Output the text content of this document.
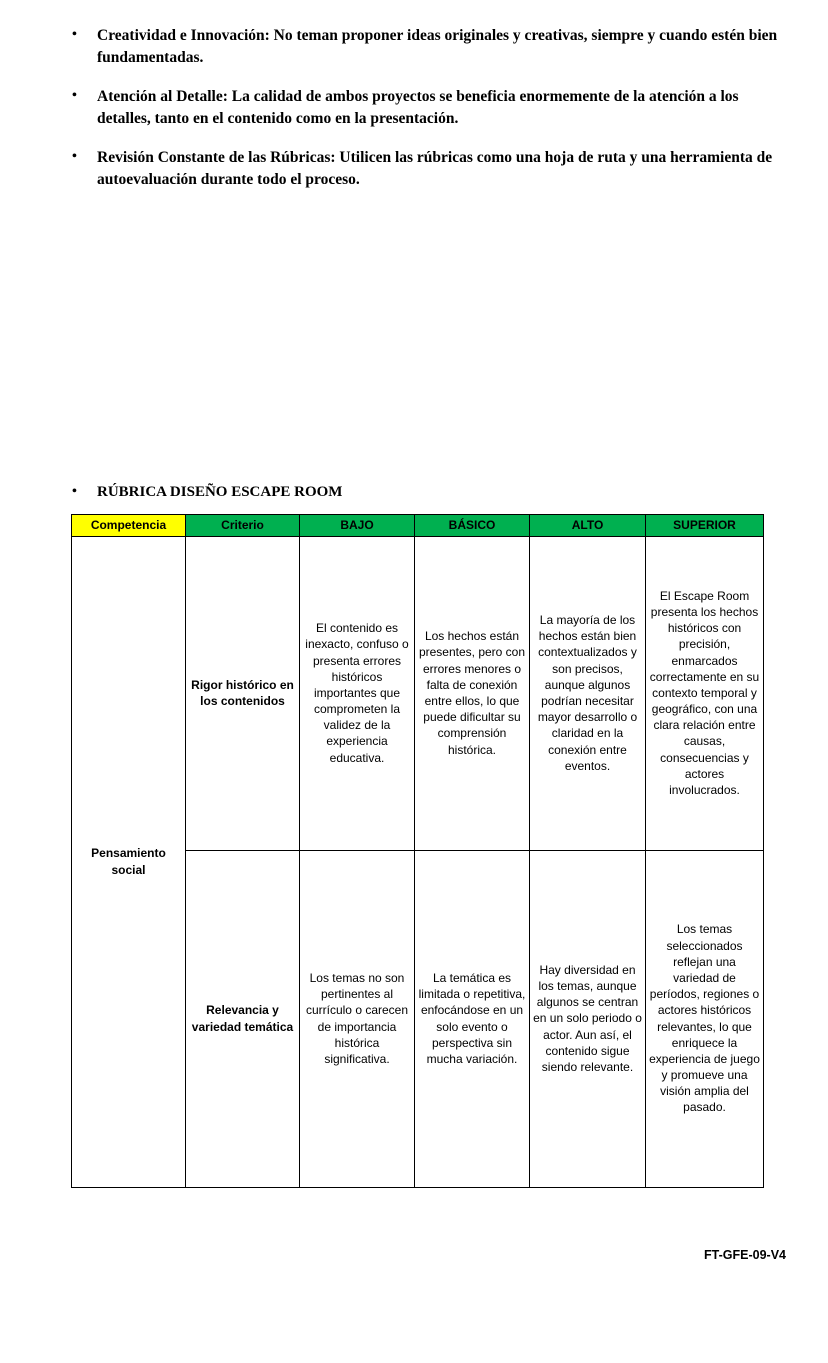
•
Creatividad e Innovación: No teman proponer ideas originales y creativas, siempre y cuando estén bien fundamentadas.
•
Atención al Detalle: La calidad de ambos proyectos se beneficia enormemente de la atención a los detalles, tanto en el contenido como en la presentación.
•
Revisión Constante de las Rúbricas: Utilicen las rúbricas como una hoja de ruta y una herramienta de autoevaluación durante todo el proceso.
•
RÚBRICA DISEÑO ESCAPE ROOM
Competencia	Criterio	BAJO	BÁSICO	ALTO	SUPERIOR
Pensamiento social	Rigor histórico en los contenidos	El contenido es inexacto, confuso o presenta errores históricos importantes que comprometen la validez de la experiencia educativa.	Los hechos están presentes, pero con errores menores o falta de conexión entre ellos, lo que puede dificultar su comprensión histórica.	La mayoría de los hechos están bien contextualizados y son precisos, aunque algunos podrían necesitar mayor desarrollo o claridad en la conexión entre eventos.	El Escape Room presenta los hechos históricos con precisión, enmarcados correctamente en su contexto temporal y geográfico, con una clara relación entre causas, consecuencias y actores involucrados.
	Relevancia y variedad temática	Los temas no son pertinentes al currículo o carecen de importancia histórica significativa.	La temática es limitada o repetitiva, enfocándose en un solo evento o perspectiva sin mucha variación.	Hay diversidad en los temas, aunque algunos se centran en un solo periodo o actor. Aun así, el contenido sigue siendo relevante.	Los temas seleccionados reflejan una variedad de períodos, regiones o actores históricos relevantes, lo que enriquece la experiencia de juego y promueve una visión amplia del pasado.
FT-GFE-09-V4
